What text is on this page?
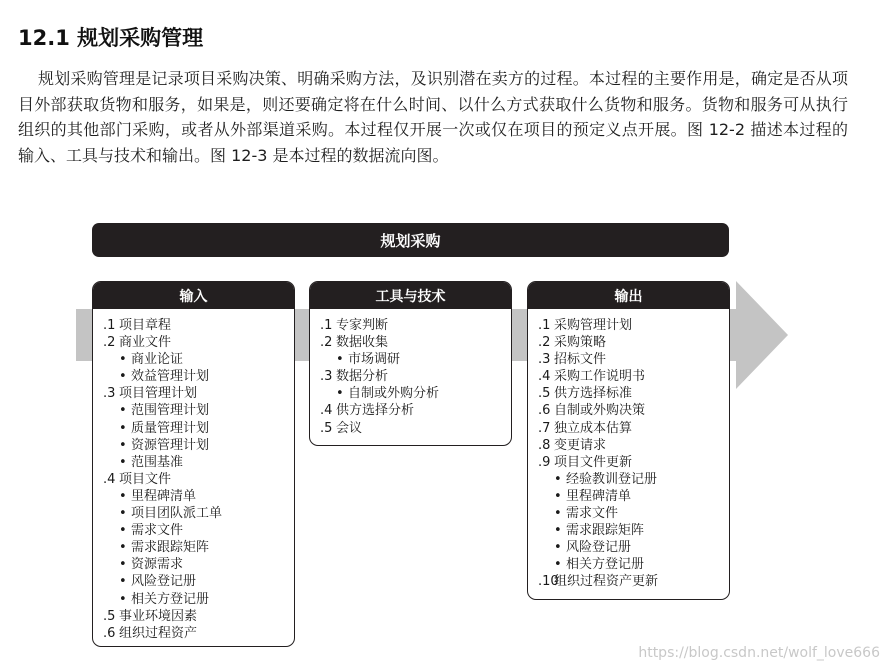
12.1 规划采购管理
规划采购管理是记录项目采购决策、明确采购方法，及识别潜在卖方的过程。本过程的主要作用是，确定是否从项目外部获取货物和服务，如果是，则还要确定将在什么时间、以什么方式获取什么货物和服务。货物和服务可从执行组织的其他部门采购，或者从外部渠道采购。本过程仅开展一次或仅在项目的预定义点开展。图 12-2 描述本过程的输入、工具与技术和输出。图 12-3 是本过程的数据流向图。
规划采购
输入
.1 项目章程
.2 商业文件
• 商业论证
• 效益管理计划
.3 项目管理计划
• 范围管理计划
• 质量管理计划
• 资源管理计划
• 范围基准
.4 项目文件
• 里程碑清单
• 项目团队派工单
• 需求文件
• 需求跟踪矩阵
• 资源需求
• 风险登记册
• 相关方登记册
.5 事业环境因素
.6 组织过程资产
工具与技术
.1 专家判断
.2 数据收集
• 市场调研
.3 数据分析
• 自制或外购分析
.4 供方选择分析
.5 会议
输出
.1 采购管理计划
.2 采购策略
.3 招标文件
.4 采购工作说明书
.5 供方选择标准
.6 自制或外购决策
.7 独立成本估算
.8 变更请求
.9 项目文件更新
• 经验教训登记册
• 里程碑清单
• 需求文件
• 需求跟踪矩阵
• 风险登记册
• 相关方登记册
.10组织过程资产更新
https://blog.csdn.net/wolf_love666
